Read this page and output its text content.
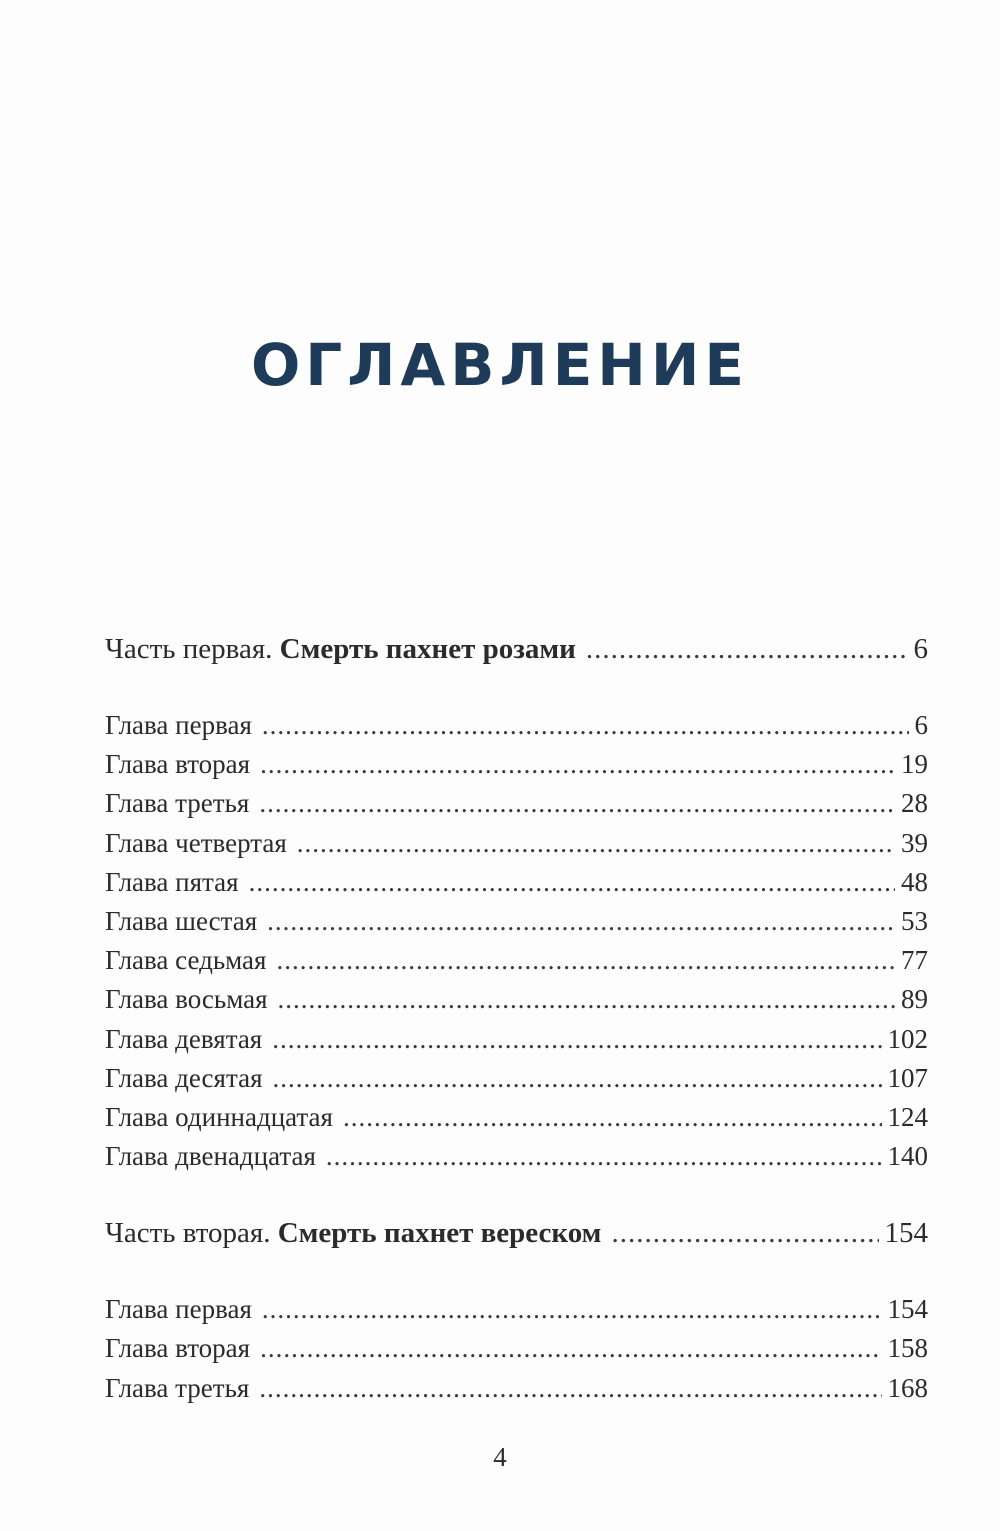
ОГЛАВЛЕНИЕ
Часть первая. Смерть пахнет розами .....	6
Глава первая .....	6
Глава вторая .....	19
Глава третья .....	28
Глава четвертая .....	39
Глава пятая .....	48
Глава шестая .....	53
Глава седьмая .....	77
Глава восьмая .....	89
Глава девятая .....	102
Глава десятая .....	107
Глава одиннадцатая .....	124
Глава двенадцатая .....	140
Часть вторая. Смерть пахнет вереском .....	154
Глава первая .....	154
Глава вторая .....	158
Глава третья .....	168
4
